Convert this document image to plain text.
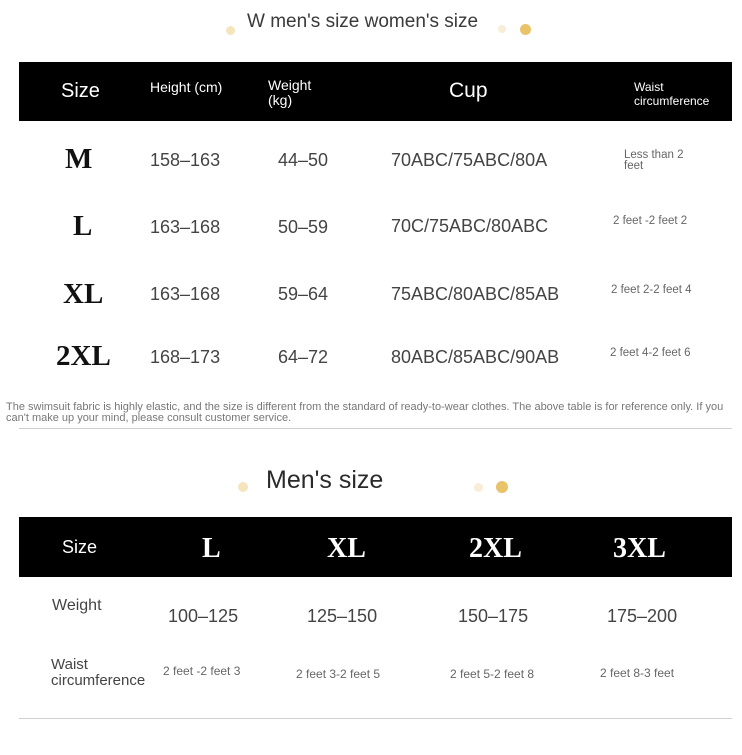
W men's size women's size
Size	Height (cm)	Weight (kg)	Cup	Waist circumference
M	158–163	44–50	70ABC/75ABC/80A	Less than 2 feet
L	163–168	50–59	70C/75ABC/80ABC	2 feet -2 feet 2
XL	163–168	59–64	75ABC/80ABC/85AB	2 feet 2-2 feet 4
2XL 168–173	64–72	80ABC/85ABC/90AB	2 feet 4-2 feet 6
The swimsuit fabric is highly elastic, and the size is different from the standard of ready-to-wear clothes. The above table is for reference only. If you can't make up your mind, please consult customer service.
Men's size
Size	L	XL	2XL	3XL
Weight
100–125	125–150	150–175	175–200
Waist circumference
2 feet -2 feet 3	2 feet 3-2 feet 5	2 feet 5-2 feet 8	2 feet 8-3 feet
